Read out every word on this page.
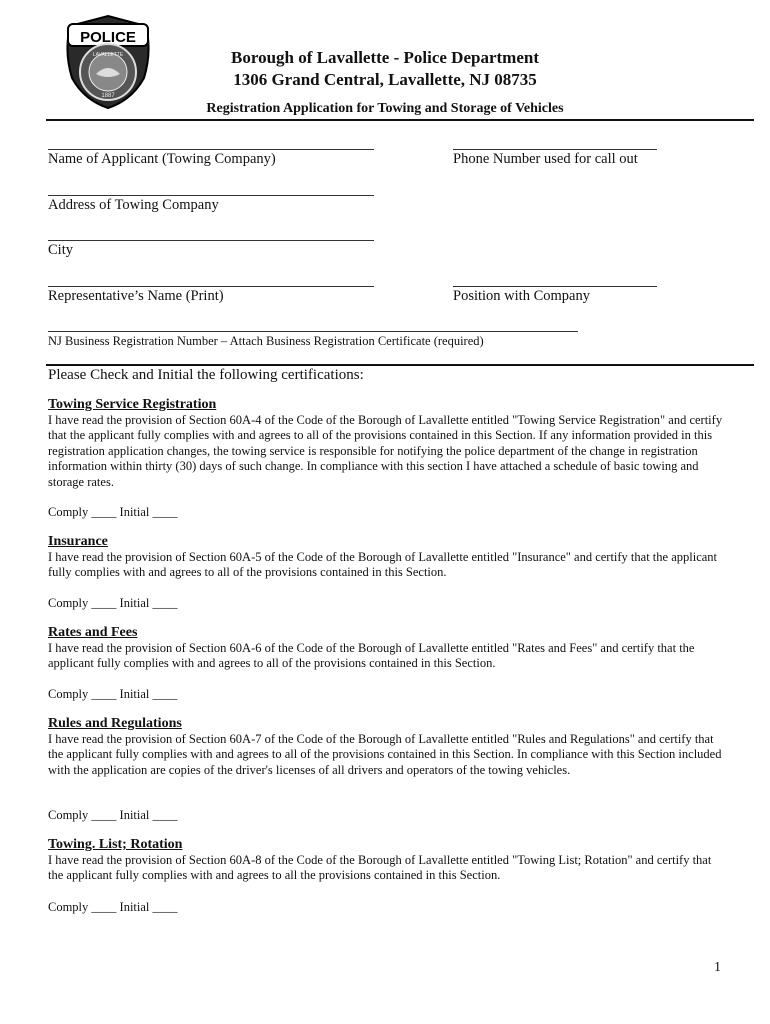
POLICE
LAVALLETTE
1887
Borough of Lavallette - Police Department
1306 Grand Central, Lavallette, NJ 08735
Registration Application for Towing and Storage of Vehicles
Name of Applicant (Towing Company)	Phone Number used for call out
Address of Towing Company
City
Representative’s Name (Print)	Position with Company
NJ Business Registration Number – Attach Business Registration Certificate (required)
Please Check and Initial the following certifications:
Towing Service Registration
I have read the provision of Section 60A-4 of the Code of the Borough of Lavallette entitled "Towing Service Registration" and certify that the applicant fully complies with and agrees to all of the provisions contained in this Section. If any information provided in this registration application changes, the towing service is responsible for notifying the police department of the change in registration information within thirty (30) days of such change. In compliance with this section I have attached a schedule of basic towing and storage rates.
Comply ____ Initial ____
Insurance
I have read the provision of Section 60A-5 of the Code of the Borough of Lavallette entitled "Insurance" and certify that the applicant fully complies with and agrees to all of the provisions contained in this Section.
Comply ____ Initial ____
Rates and Fees
I have read the provision of Section 60A-6 of the Code of the Borough of Lavallette entitled "Rates and Fees" and certify that the applicant fully complies with and agrees to all of the provisions contained in this Section.
Comply ____ Initial ____
Rules and Regulations
I have read the provision of Section 60A-7 of the Code of the Borough of Lavallette entitled "Rules and Regulations" and certify that the applicant fully complies with and agrees to all of the provisions contained in this Section. In compliance with this Section included with the application are copies of the driver's licenses of all drivers and operators of the towing vehicles.
Comply ____ Initial ____
Towing. List; Rotation
I have read the provision of Section 60A-8 of the Code of the Borough of Lavallette entitled "Towing List; Rotation" and certify that the applicant fully complies with and agrees to all the provisions contained in this Section.
Comply ____ Initial ____
1
